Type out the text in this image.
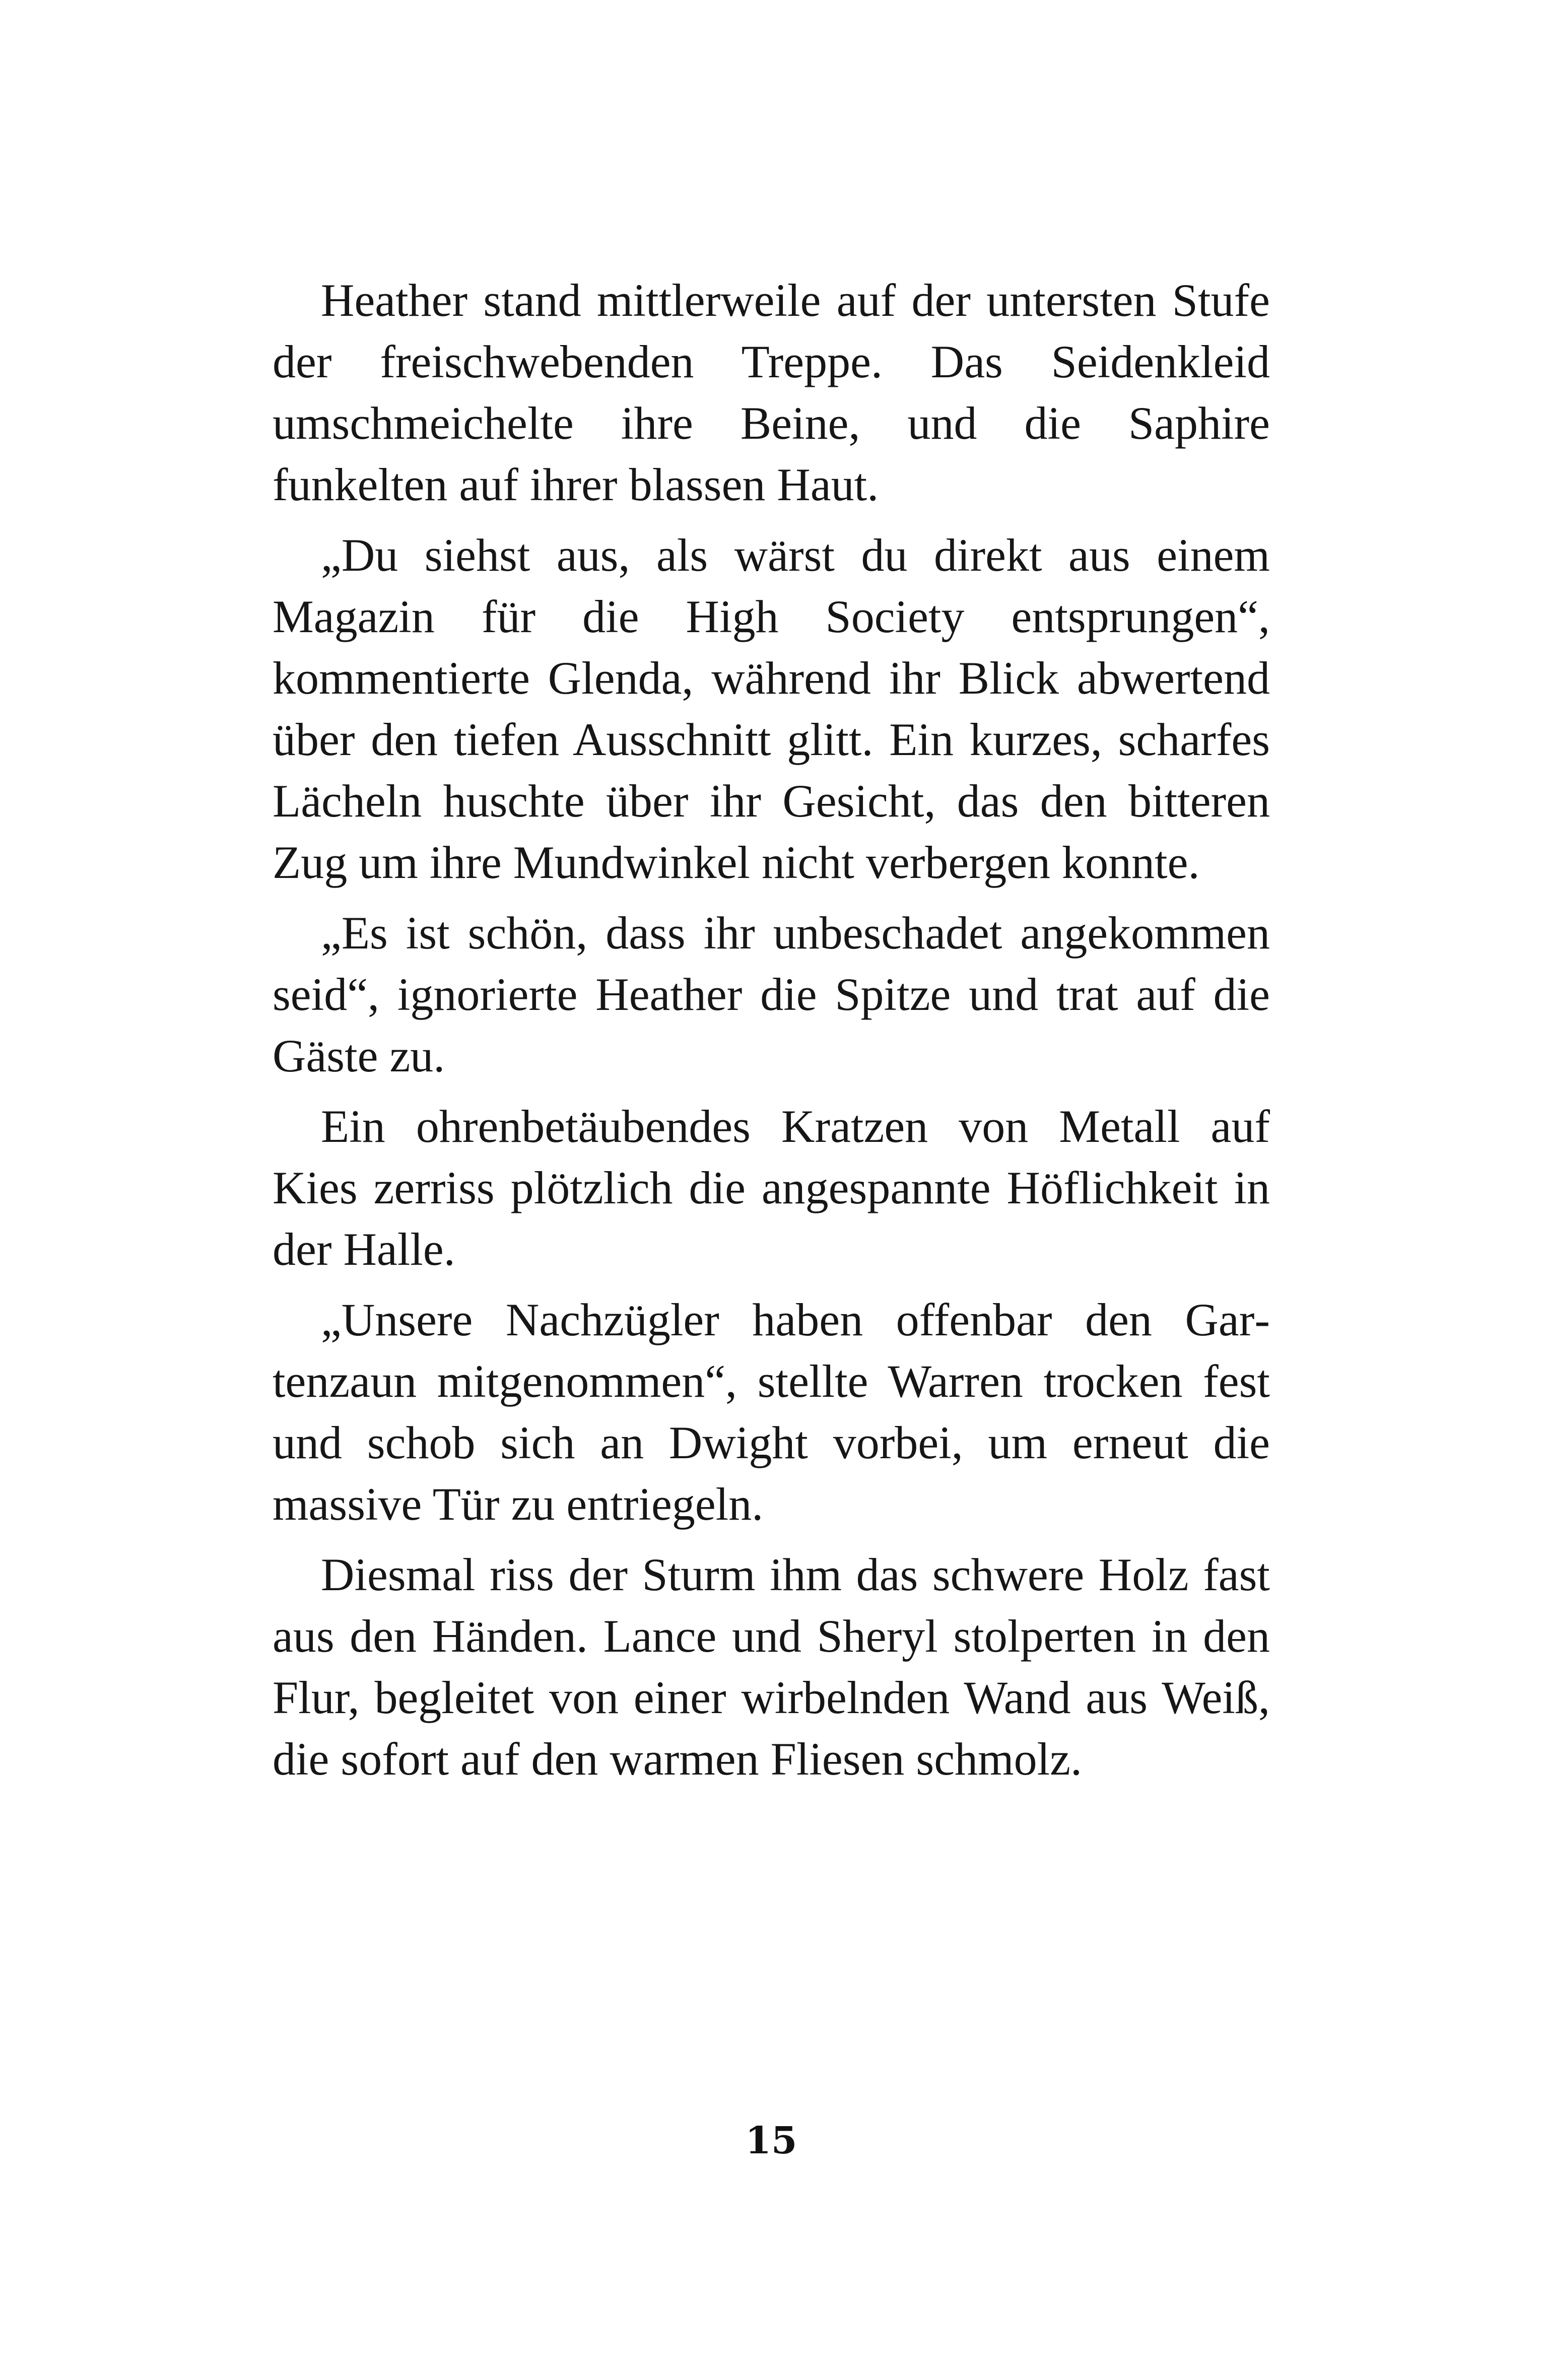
Heather stand mittlerweile auf der untersten Stufe der freischwebenden Treppe. Das Seidenkleid umschmeichelte ihre Beine, und die Saphire funkelten auf ihrer blassen Haut.

„Du siehst aus, als wärst du direkt aus einem Magazin für die High Society entsprungen“, kommentierte Glenda, während ihr Blick abwertend über den tiefen Ausschnitt glitt. Ein kurzes, scharfes Lächeln huschte über ihr Gesicht, das den bitteren Zug um ihre Mundwinkel nicht verbergen konnte.

„Es ist schön, dass ihr unbeschadet angekommen seid“, ignorierte Heather die Spitze und trat auf die Gäste zu.

Ein ohrenbetäubendes Kratzen von Metall auf Kies zerriss plötzlich die angespannte Höflichkeit in der Halle.

„Unsere Nachzügler haben offenbar den Gartenzaun mitgenommen“, stellte Warren trocken fest und schob sich an Dwight vorbei, um erneut die massive Tür zu entriegeln.

Diesmal riss der Sturm ihm das schwere Holz fast aus den Händen. Lance und Sheryl stolperten in den Flur, begleitet von einer wirbelnden Wand aus Weiß, die sofort auf den warmen Fliesen schmolz.

15
